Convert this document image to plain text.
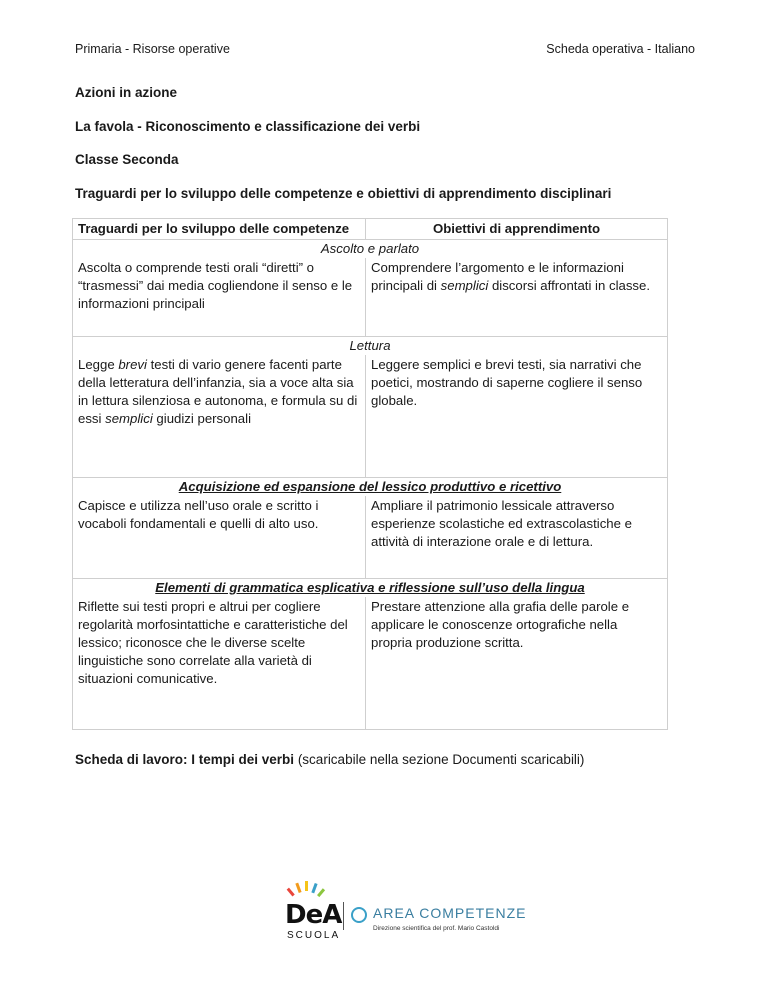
Primaria - Risorse operative	Scheda operativa - Italiano
Azioni in azione
La favola - Riconoscimento e classificazione dei verbi
Classe Seconda
Traguardi per lo sviluppo delle competenze e obiettivi di apprendimento disciplinari
Traguardi per lo sviluppo delle competenze	Obiettivi di apprendimento
Ascolto e parlato	
Ascolta o comprende testi orali “diretti” o “trasmessi” dai media cogliendone il senso e le informazioni principali	Comprendere l’argomento e le informazioni principali di semplici discorsi affrontati in classe.
Lettura	
Legge brevi testi di vario genere facenti parte della letteratura dell’infanzia, sia a voce alta sia in lettura silenziosa e autonoma, e formula su di essi semplici giudizi personali	Leggere semplici e brevi testi, sia narrativi che poetici, mostrando di saperne cogliere il senso globale.
Acquisizione ed espansione del lessico produttivo e ricettivo	
Capisce e utilizza nell’uso orale e scritto i vocaboli fondamentali e quelli di alto uso.	Ampliare il patrimonio lessicale attraverso esperienze scolastiche ed extrascolastiche e attività di interazione orale e di lettura.
Elementi di grammatica esplicativa e riflessione sull’uso della lingua	
Riflette sui testi propri e altrui per cogliere regolarità morfosintattiche e caratteristiche del lessico; riconosce che le diverse scelte linguistiche sono correlate alla varietà di situazioni comunicative.	Prestare attenzione alla grafia delle parole e applicare le conoscenze ortografiche nella propria produzione scritta.
Scheda di lavoro: I tempi dei verbi (scaricabile nella sezione Documenti scaricabili)
DeA
SCUOLA
AREA COMPETENZE
Direzione scientifica del prof. Mario Castoldi
